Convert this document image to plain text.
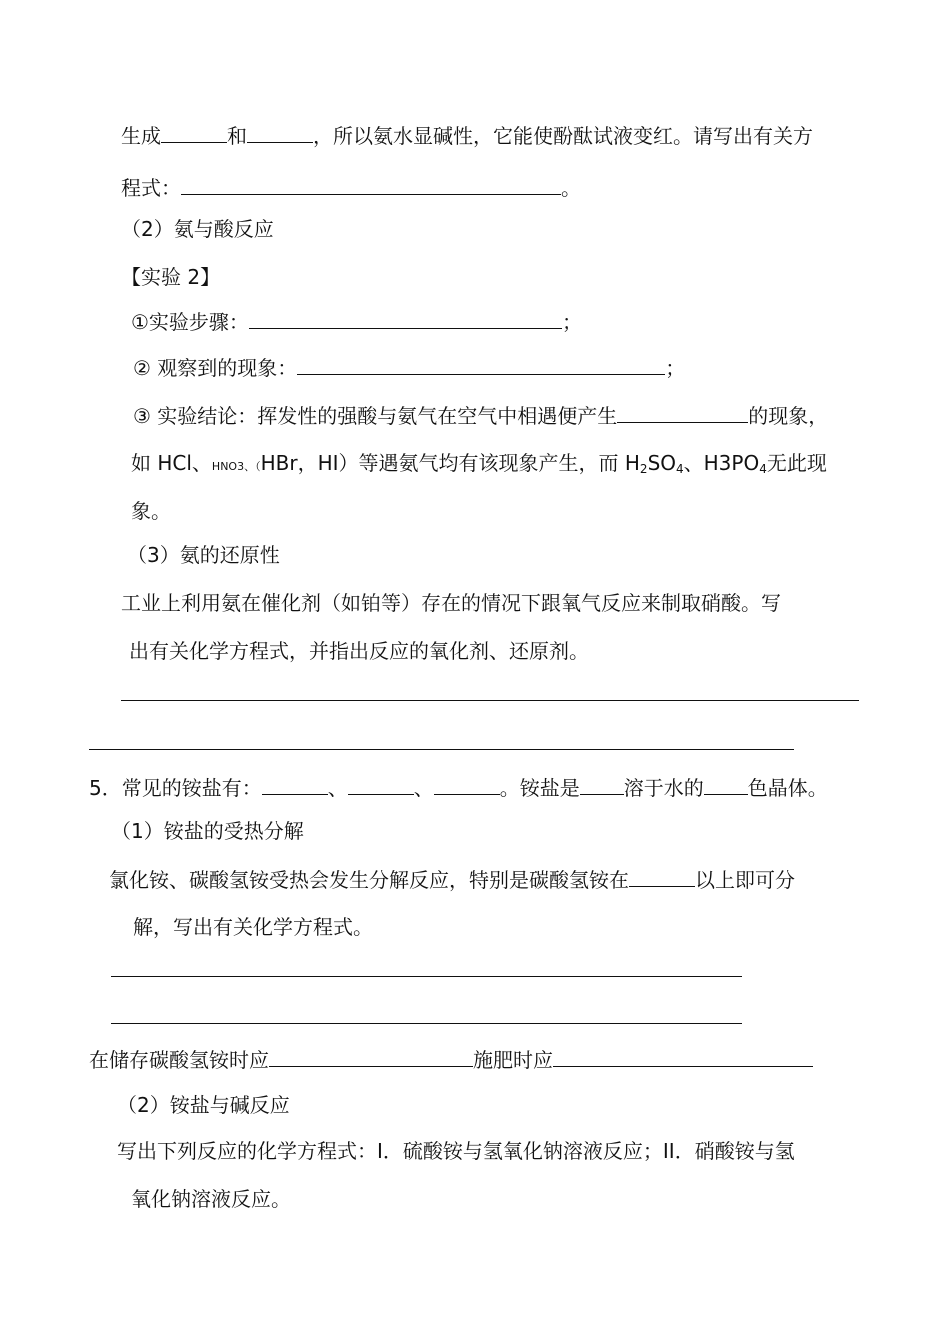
生成	和	，所以氨水显碱性，它能使酚酞试液变红。请写出有关方
程式：	。
（2）氨与酸反应
【实验 2】
①实验步骤：	；
② 观察到的现象：	；
③ 实验结论：挥发性的强酸与氨气在空气中相遇便产生	的现象，
如 HCl、HNO3、（HBr，HI）等遇氨气均有该现象产生，而 $H_2SO_4$、$H3PO_4$无此现
象。
（3）氨的还原性
工业上利用氨在催化剂（如铂等）存在的情况下跟氧气反应来制取硝酸。写
出有关化学方程式，并指出反应的氧化剂、还原剂。
5．常见的铵盐有：	、	、	。铵盐是 溶于水的 色晶体。
（1）铵盐的受热分解
氯化铵、碳酸氢铵受热会发生分解反应，特别是碳酸氢铵在	以上即可分
解，写出有关化学方程式。
在储存碳酸氢铵时应	施肥时应
（2）铵盐与碱反应
写出下列反应的化学方程式：I．硫酸铵与氢氧化钠溶液反应；II．硝酸铵与氢
氧化钠溶液反应。
